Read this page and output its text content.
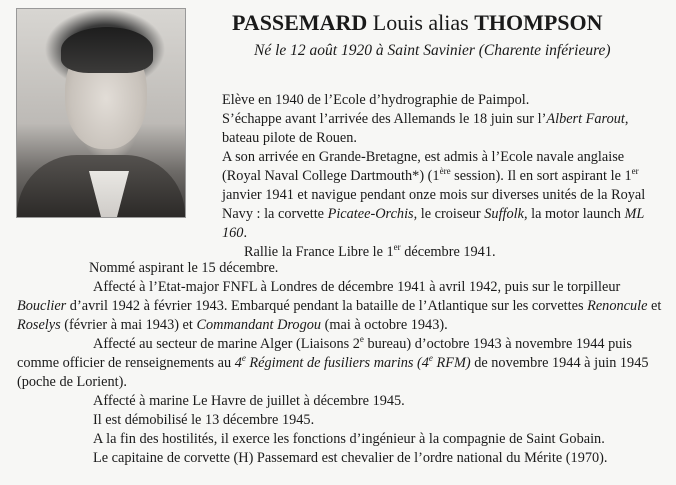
PASSEMARD Louis alias THOMPSON
Né le 12 août 1920 à Saint Savinier (Charente inférieure)

Elève en 1940 de l’Ecole d’hydrographie de Paimpol.

S’échappe avant l’arrivée des Allemands le 18 juin sur l’Albert Farout, bateau pilote de Rouen.

A son arrivée en Grande-Bretagne, est admis à l’Ecole navale anglaise (Royal Naval College Dartmouth*) (1ère session). Il en sort aspirant le 1er janvier 1941 et navigue pendant onze mois sur diverses unités de la Royal Navy : la corvette Picatee-Orchis, le croiseur Suffolk, la motor launch ML 160.

Rallie la France Libre le 1er décembre 1941.

Nommé aspirant le 15 décembre.

Affecté à l’Etat-major FNFL à Londres de décembre 1941 à avril 1942, puis sur le torpilleur Bouclier d’avril 1942 à février 1943. Embarqué pendant la bataille de l’Atlantique sur les corvettes Renoncule et Roselys (février à mai 1943) et Commandant Drogou (mai à octobre 1943).

Affecté au secteur de marine Alger (Liaisons 2e bureau) d’octobre 1943 à novembre 1944 puis comme officier de renseignements au 4e Régiment de fusiliers marins (4e RFM) de novembre 1944 à juin 1945 (poche de Lorient).

Affecté à marine Le Havre de juillet à décembre 1945.

Il est démobilisé le 13 décembre 1945.

A la fin des hostilités, il exerce les fonctions d’ingénieur à la compagnie de Saint Gobain.

Le capitaine de corvette (H) Passemard est chevalier de l’ordre national du Mérite (1970).
